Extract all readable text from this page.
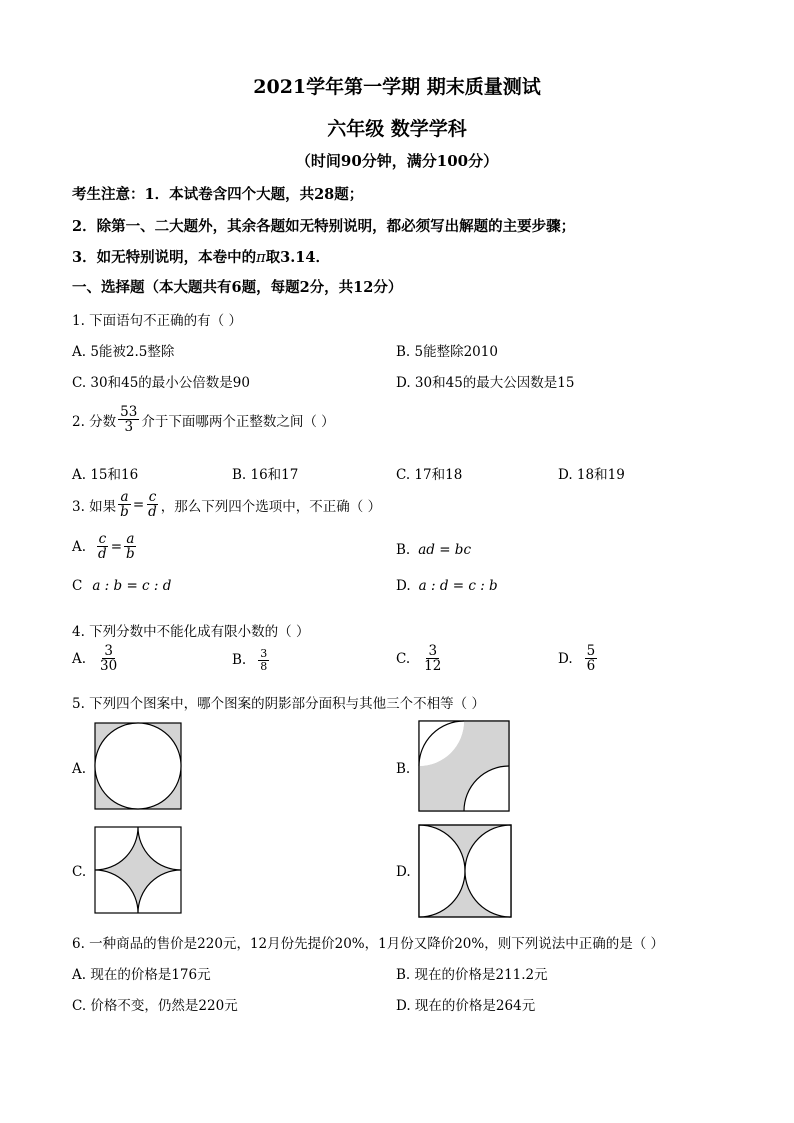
2021学年第一学期 期末质量测试
六年级 数学学科
（时间90分钟，满分100分）
考生注意：1．本试卷含四个大题，共28题；
2．除第一、二大题外，其余各题如无特别说明，都必须写出解题的主要步骤；
3．如无特别说明，本卷中的π取3.14．
一、选择题（本大题共有6题，每题2分，共12分）
1. 下面语句不正确的有（ ）
A. 5能被2.5整除	B. 5能整除2010
C. 30和45的最小公倍数是90	D. 30和45的最大公因数是15
2. 分数 $\frac{53}{3}$ 介于下面哪两个正整数之间（ ）
A. 15和16	B. 16和17	C. 17和18	D. 18和19
3. 如果 $\frac{a}{b} = \frac{c}{d}$ ，那么下列四个选项中，不正确（ ）
A. $\frac{c}{d} = \frac{a}{b}$	B. ad = bc
C a : b = c : d	D. a : d = c : b
4. 下列分数中不能化成有限小数的（ ）
A. $\frac{3}{30}$	B. $\frac{3}{8}$	C. $\frac{3}{12}$	D. $\frac{5}{6}$
5. 下列四个图案中，哪个图案的阴影部分面积与其他三个不相等（ ）
A.	B.
C.	D.
6. 一种商品的售价是220元，12月份先提价20%，1月份又降价20%，则下列说法中正确的是（ ）
A. 现在的价格是176元	B. 现在的价格是211.2元
C. 价格不变，仍然是220元	D. 现在的价格是264元
